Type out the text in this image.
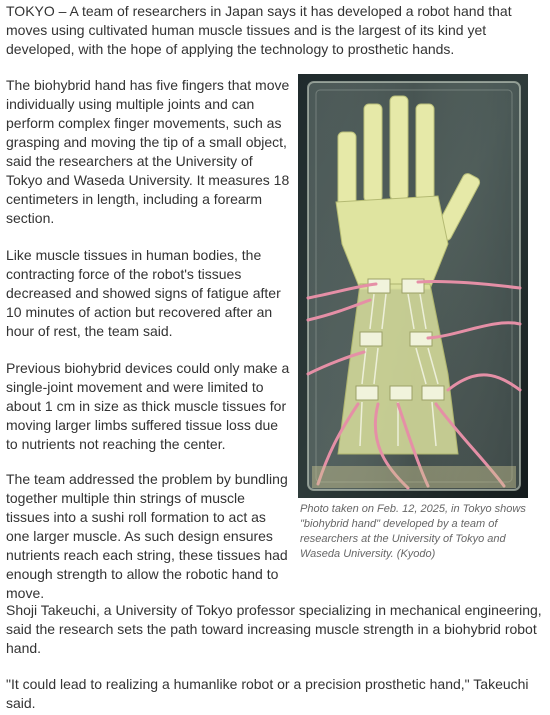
TOKYO – A team of researchers in Japan says it has developed a robot hand that moves using cultivated human muscle tissues and is the largest of its kind yet developed, with the hope of applying the technology to prosthetic hands.

The biohybrid hand has five fingers that move individually using multiple joints and can perform complex finger movements, such as grasping and moving the tip of a small object, said the researchers at the University of Tokyo and Waseda University. It measures 18 centimeters in length, including a forearm section.

Like muscle tissues in human bodies, the contracting force of the robot's tissues decreased and showed signs of fatigue after 10 minutes of action but recovered after an hour of rest, the team said.

Previous biohybrid devices could only make a single-joint movement and were limited to about 1 cm in size as thick muscle tissues for moving larger limbs suffered tissue loss due to nutrients not reaching the center.

The team addressed the problem by bundling together multiple thin strings of muscle tissues into a sushi roll formation to act as one larger muscle. As such design ensures nutrients reach each string, these tissues had enough strength to allow the robotic hand to move.

Shoji Takeuchi, a University of Tokyo professor specializing in mechanical engineering, said the research sets the path toward increasing muscle strength in a biohybrid robot hand.

"It could lead to realizing a humanlike robot or a precision prosthetic hand," Takeuchi said.

Photo taken on Feb. 12, 2025, in Tokyo shows "biohybrid hand" developed by a team of researchers at the University of Tokyo and Waseda University. (Kyodo)
